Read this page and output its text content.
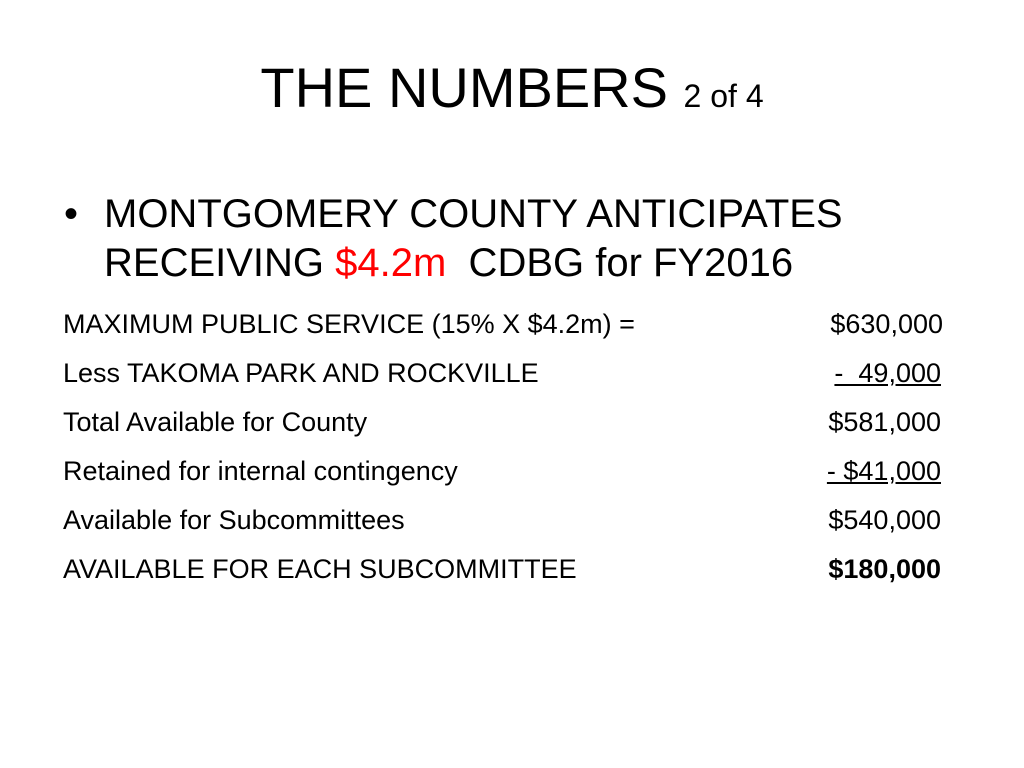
THE NUMBERS 2 of 4
• MONTGOMERY COUNTY ANTICIPATES
RECEIVING $4.2m  CDBG for FY2016
MAXIMUM PUBLIC SERVICE (15% X $4.2m) =	$630,000
Less TAKOMA PARK AND ROCKVILLE	-  49,000
Total Available for County	$581,000
Retained for internal contingency	- $41,000
Available for Subcommittees	$540,000
AVAILABLE FOR EACH SUBCOMMITTEE	$180,000
